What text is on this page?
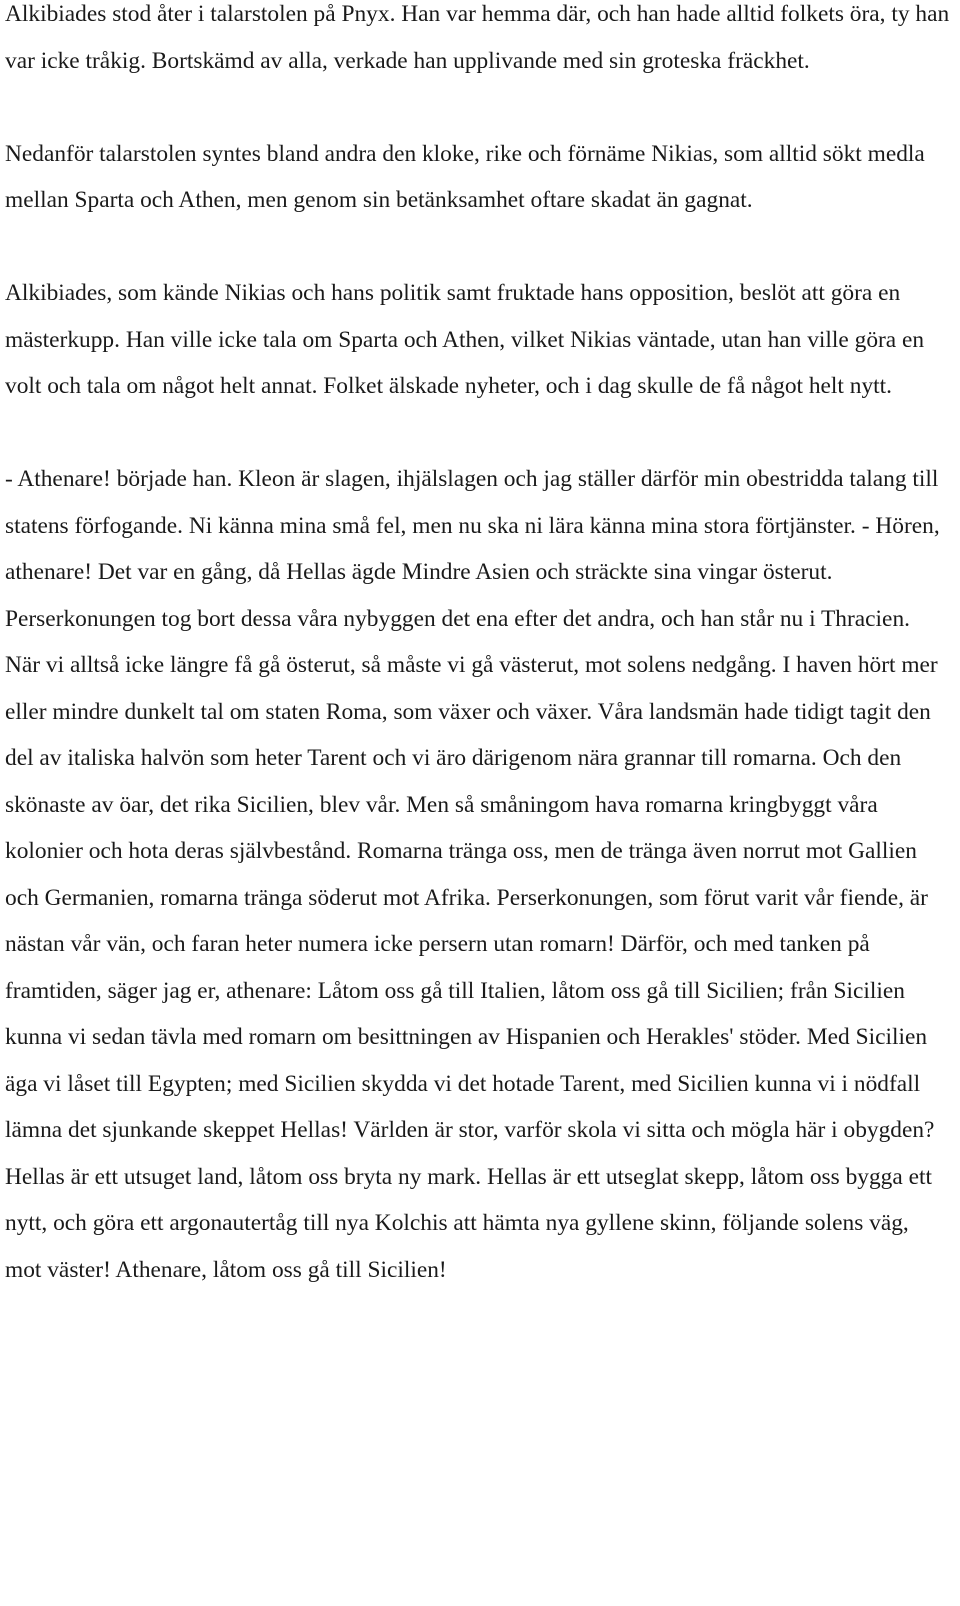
Alkibiades stod åter i talarstolen på Pnyx. Han var hemma där, och han hade alltid folkets öra, ty han var icke tråkig. Bortskämd av alla, verkade han upplivande med sin groteska fräckhet.

Nedanför talarstolen syntes bland andra den kloke, rike och förnäme Nikias, som alltid sökt medla mellan Sparta och Athen, men genom sin betänksamhet oftare skadat än gagnat.

Alkibiades, som kände Nikias och hans politik samt fruktade hans opposition, beslöt att göra en mästerkupp. Han ville icke tala om Sparta och Athen, vilket Nikias väntade, utan han ville göra en volt och tala om något helt annat. Folket älskade nyheter, och i dag skulle de få något helt nytt.

- Athenare! började han. Kleon är slagen, ihjälslagen och jag ställer därför min obestridda talang till statens förfogande. Ni känna mina små fel, men nu ska ni lära känna mina stora förtjänster. - Hören, athenare! Det var en gång, då Hellas ägde Mindre Asien och sträckte sina vingar österut. Perserkonungen tog bort dessa våra nybyggen det ena efter det andra, och han står nu i Thracien. När vi alltså icke längre få gå österut, så måste vi gå västerut, mot solens nedgång. I haven hört mer eller mindre dunkelt tal om staten Roma, som växer och växer. Våra landsmän hade tidigt tagit den del av italiska halvön som heter Tarent och vi äro därigenom nära grannar till romarna. Och den skönaste av öar, det rika Sicilien, blev vår. Men så småningom hava romarna kringbyggt våra kolonier och hota deras självbestånd. Romarna tränga oss, men de tränga även norrut mot Gallien och Germanien, romarna tränga söderut mot Afrika. Perserkonungen, som förut varit vår fiende, är nästan vår vän, och faran heter numera icke persern utan romarn! Därför, och med tanken på framtiden, säger jag er, athenare: Låtom oss gå till Italien, låtom oss gå till Sicilien; från Sicilien kunna vi sedan tävla med romarn om besittningen av Hispanien och Herakles' stöder. Med Sicilien äga vi låset till Egypten; med Sicilien skydda vi det hotade Tarent, med Sicilien kunna vi i nödfall lämna det sjunkande skeppet Hellas! Världen är stor, varför skola vi sitta och mögla här i obygden? Hellas är ett utsuget land, låtom oss bryta ny mark. Hellas är ett utseglat skepp, låtom oss bygga ett nytt, och göra ett argonautertåg till nya Kolchis att hämta nya gyllene skinn, följande solens väg, mot väster! Athenare, låtom oss gå till Sicilien!
